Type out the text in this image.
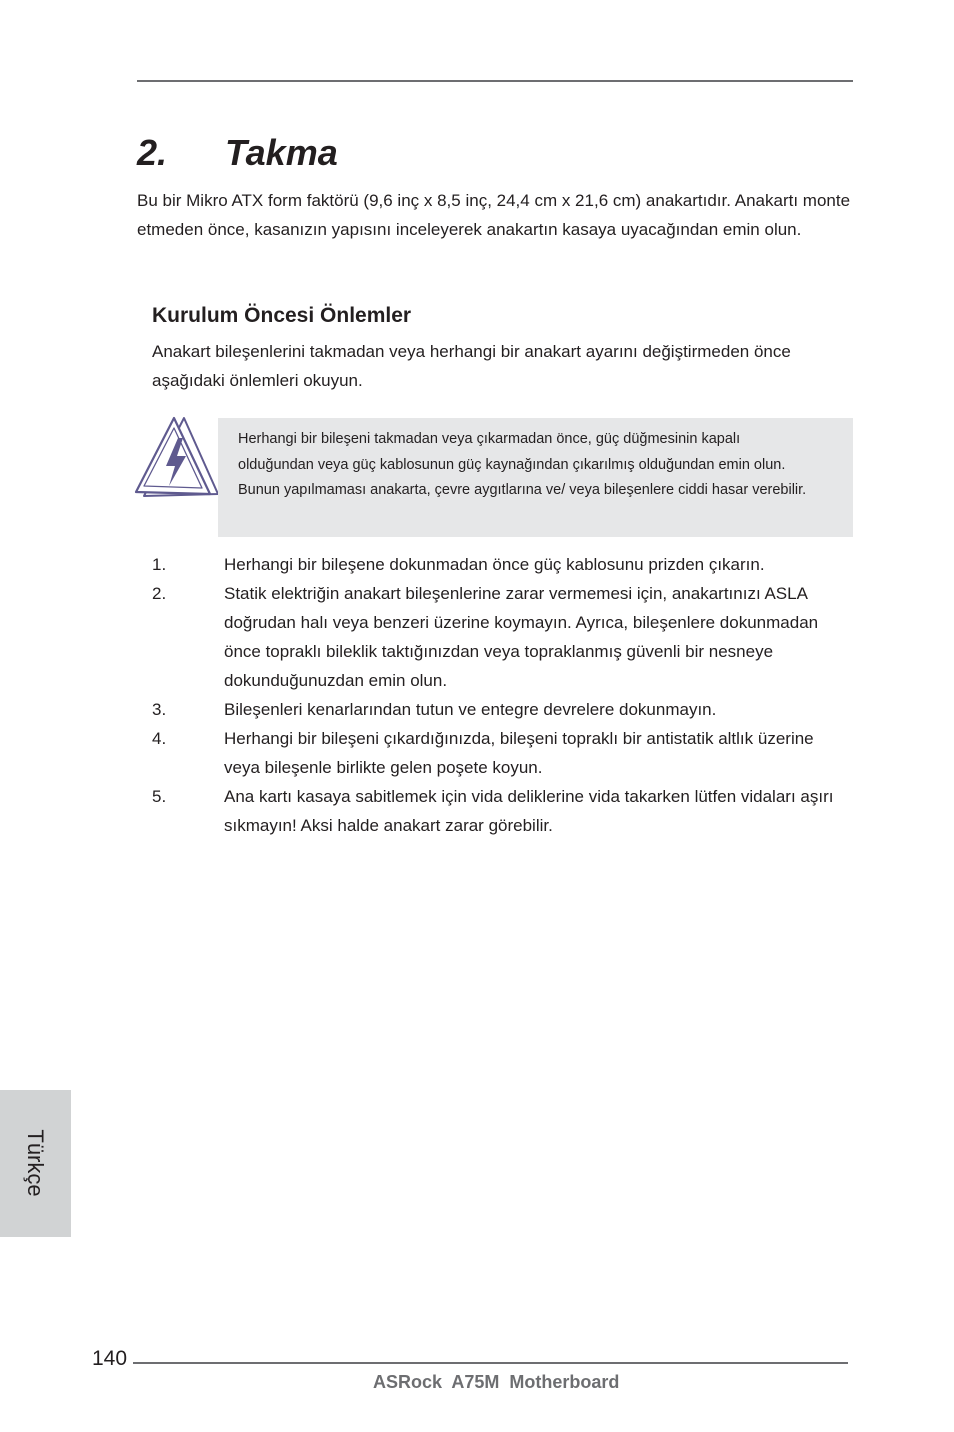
2. Takma

Bu bir Mikro ATX form faktörü (9,6 inç x 8,5 inç, 24,4 cm x 21,6 cm) anakartıdır. Anakartı monte etmeden önce, kasanızın yapısını inceleyerek anakartın kasaya uyacağından emin olun.

Kurulum Öncesi Önlemler

Anakart bileşenlerini takmadan veya herhangi bir anakart ayarını değiştirmeden önce aşağıdaki önlemleri okuyun.

Herhangi bir bileşeni takmadan veya çıkarmadan önce, güç düğmesinin kapalı olduğundan veya güç kablosunun güç kaynağından çıkarılmış olduğundan emin olun. Bunun yapılmaması anakarta, çevre aygıtlarına ve/ veya bileşenlere ciddi hasar verebilir.

1.	Herhangi bir bileşene dokunmadan önce güç kablosunu prizden çıkarın.
2.	Statik elektriğin anakart bileşenlerine zarar vermemesi için, anakartınızı ASLA doğrudan halı veya benzeri üzerine koymayın. Ayrıca, bileşenlere dokunmadan önce topraklı bileklik taktığınızdan veya topraklanmış güvenli bir nesneye dokunduğunuzdan emin olun.
3.	Bileşenleri kenarlarından tutun ve entegre devrelere dokunmayın.
4.	Herhangi bir bileşeni çıkardığınızda, bileşeni topraklı bir antistatik altlık üzerine veya bileşenle birlikte gelen poşete koyun.
5.	Ana kartı kasaya sabitlemek için vida deliklerine vida takarken lütfen vidaları aşırı sıkmayın! Aksi halde anakart zarar görebilir.
Türkçe
140
ASRock  A75M  Motherboard
